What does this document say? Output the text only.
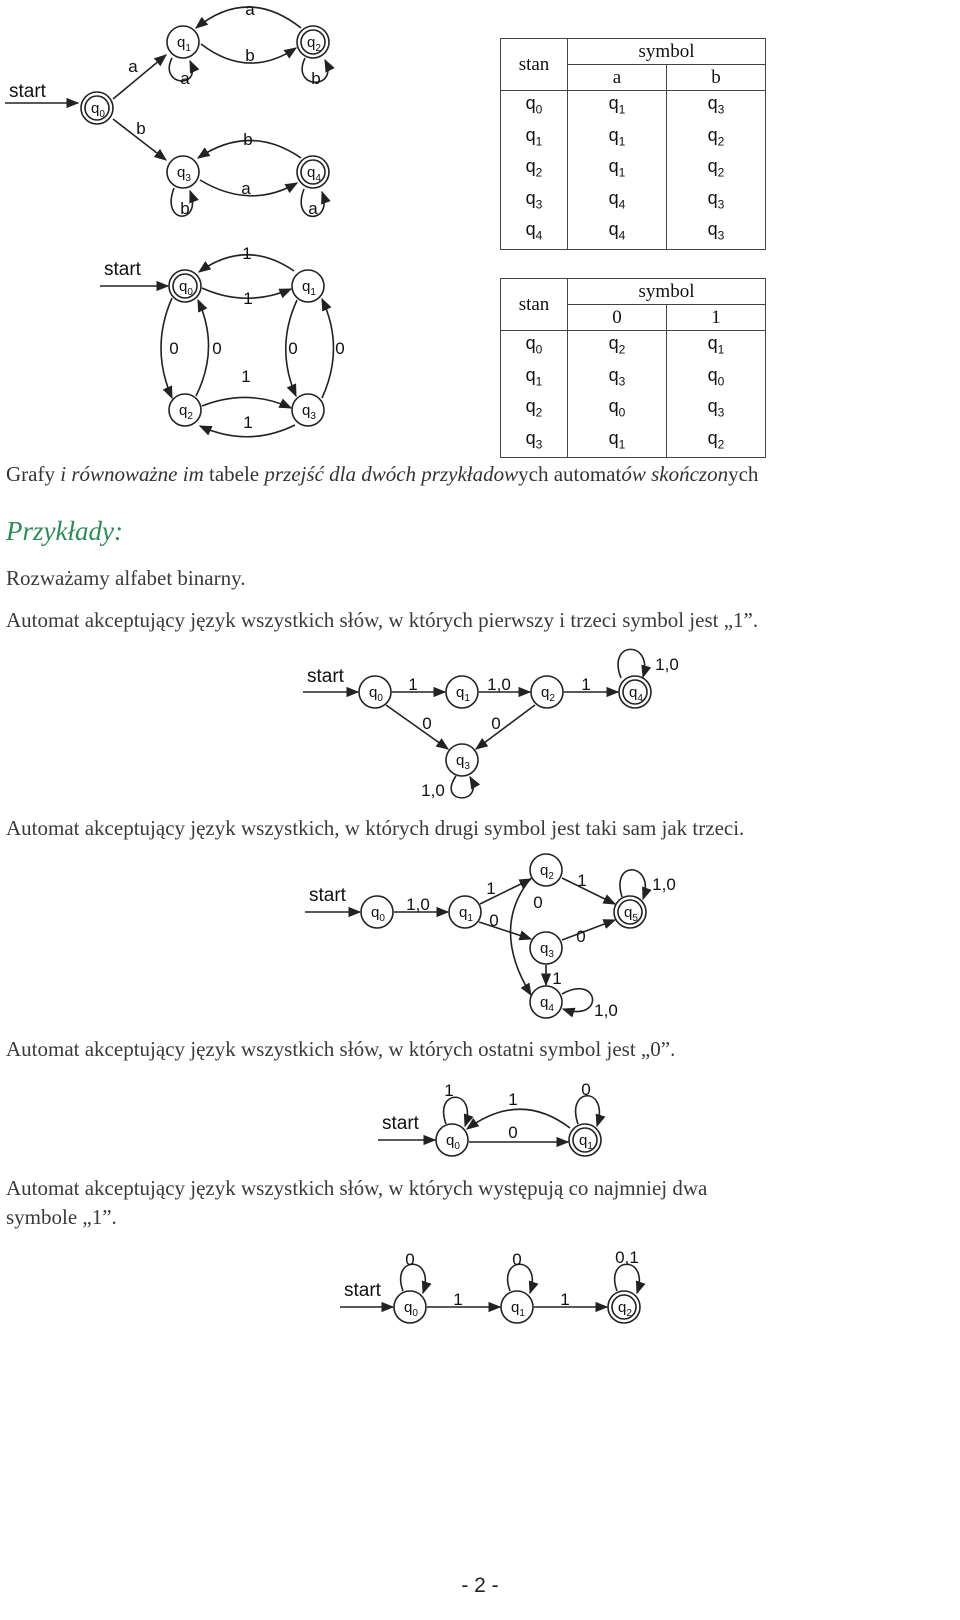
start
a
b
b
a
a	b
a
b
b	a
$q_0$
$q_1$	$q_2$
$q_3$	$q_4$
stan	symbol	
	a	b
$q_0$	$q_1$	$q_3$
$q_1$	$q_1$	$q_2$
$q_2$	$q_1$	$q_2$
$q_3$	$q_4$	$q_3$
$q_4$	$q_4$	$q_3$
start
1
1
0 0	0 0
1
1
$q_0$	$q_1$
$q_2$	$q_3$
stan	symbol	
	0	1
$q_0$	$q_2$	$q_1$
$q_1$	$q_3$	$q_0$
$q_2$	$q_0$	$q_3$
$q_3$	$q_1$	$q_2$
Grafy i równoważne im tabele przejść dla dwóch przykładowych automatów skończonych
Przykłady:
Rozważamy alfabet binarny.
Automat akceptujący język wszystkich słów, w których pierwszy i trzeci symbol jest „1”.
start	1	1,0	1
1,0
0	0
1,0
$q_0$	$q_1$	$q_2$
$q_3$
$q_4$
Automat akceptujący język wszystkich, w których drugi symbol jest taki sam jak trzeci.
start	1,0
1
0
1
0
0
1
1,0
1,0
$q_0$	$q_1$
$q_2$
$q_3$
$q_4$
$q_5$
Automat akceptujący język wszystkich słów, w których ostatni symbol jest „0”.
start
1
0
1
0
$q_0$	$q_1$
Automat akceptujący język wszystkich słów, w których występują co najmniej dwa
symbole „1”.
start
0
1
0
1
0,1
$q_0$	$q_1$	$q_2$
- 2 -
